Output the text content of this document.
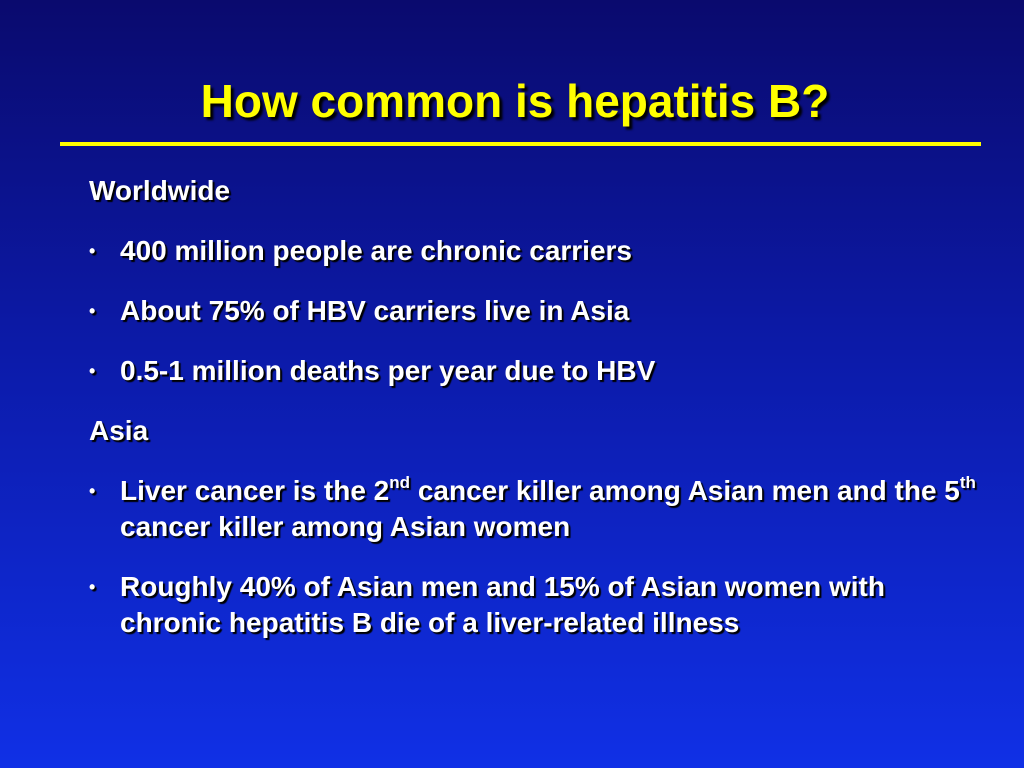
How common is hepatitis B?
Worldwide
• 400 million people are chronic carriers
• About 75% of HBV carriers live in Asia
• 0.5-1 million deaths per year due to HBV
Asia
• Liver cancer is the 2nd cancer killer among Asian men and the 5th cancer killer among Asian women
• Roughly 40% of Asian men and 15% of Asian women with chronic hepatitis B die of a liver-related illness
